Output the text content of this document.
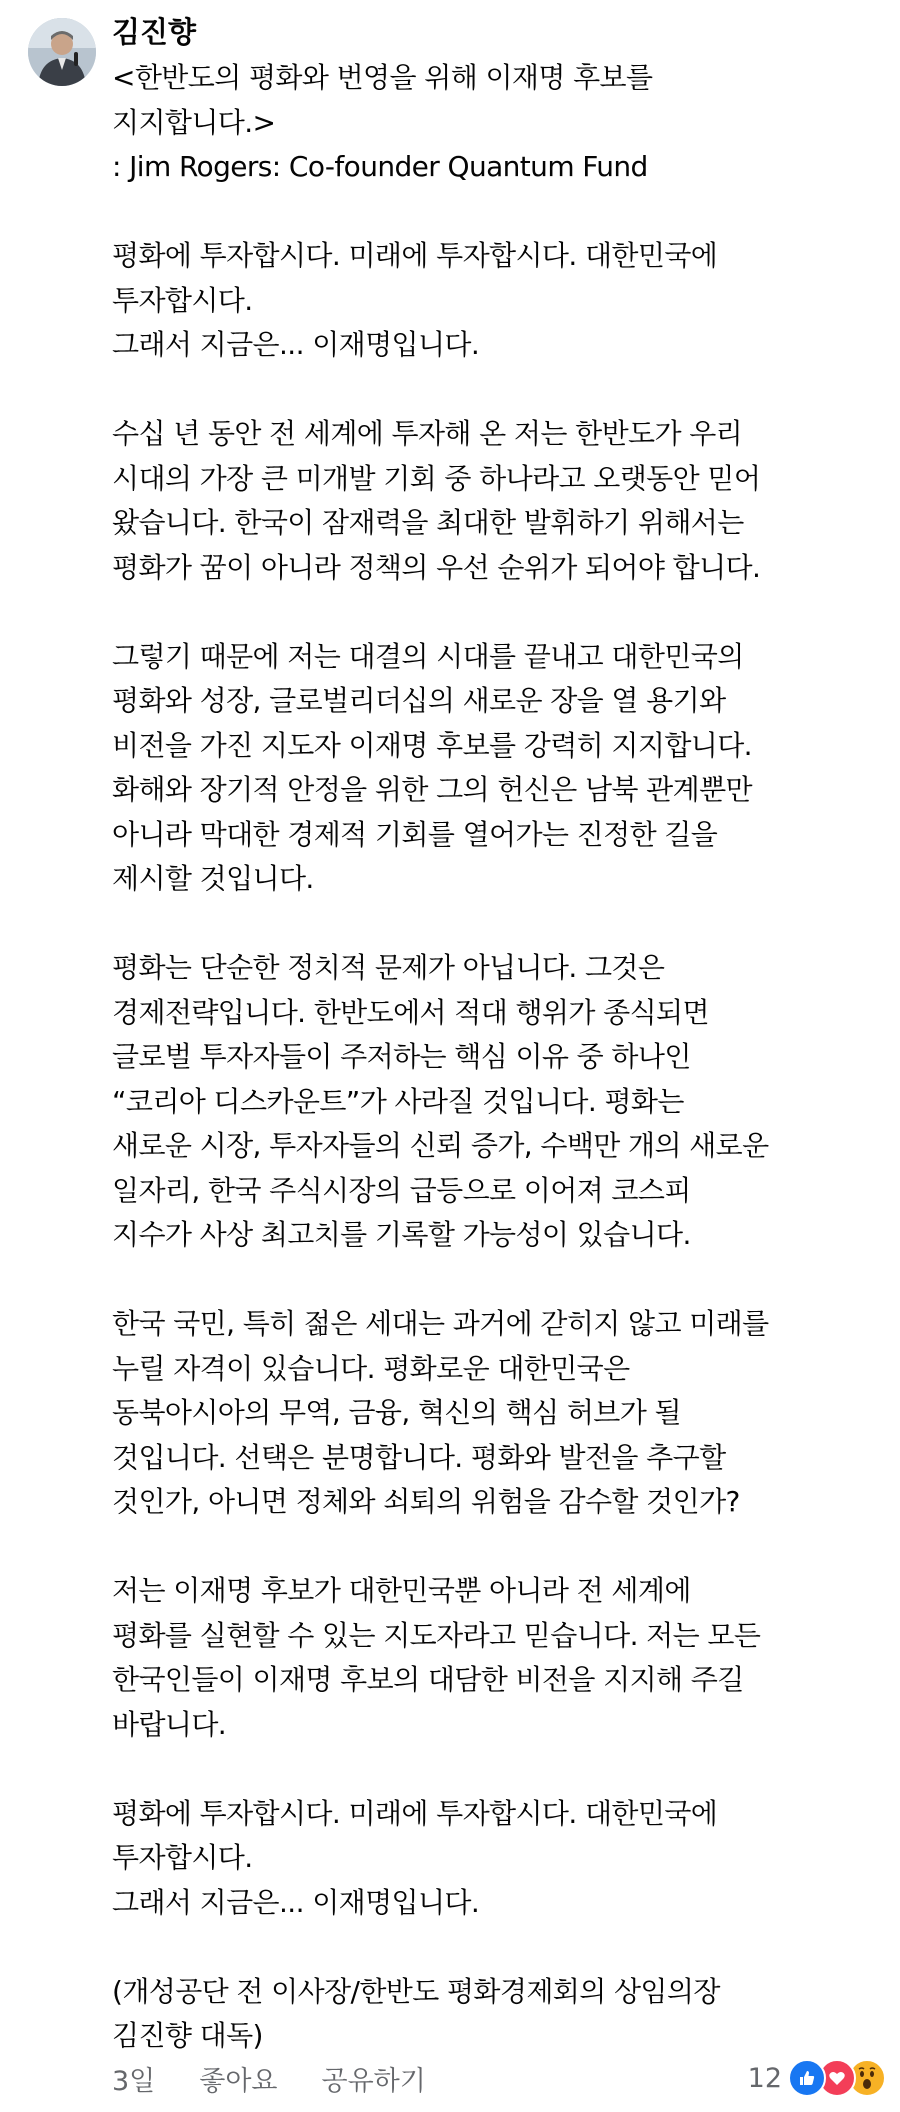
김진향
<한반도의 평화와 번영을 위해 이재명 후보를
지지합니다.>
: Jim Rogers: Co-founder Quantum Fund
평화에 투자합시다. 미래에 투자합시다. 대한민국에
투자합시다.
그래서 지금은... 이재명입니다.
수십 년 동안 전 세계에 투자해 온 저는 한반도가 우리
시대의 가장 큰 미개발 기회 중 하나라고 오랫동안 믿어
왔습니다. 한국이 잠재력을 최대한 발휘하기 위해서는
평화가 꿈이 아니라 정책의 우선 순위가 되어야 합니다.
그렇기 때문에 저는 대결의 시대를 끝내고 대한민국의
평화와 성장, 글로벌리더십의 새로운 장을 열 용기와
비전을 가진 지도자 이재명 후보를 강력히 지지합니다.
화해와 장기적 안정을 위한 그의 헌신은 남북 관계뿐만
아니라 막대한 경제적 기회를 열어가는 진정한 길을
제시할 것입니다.
평화는 단순한 정치적 문제가 아닙니다. 그것은
경제전략입니다. 한반도에서 적대 행위가 종식되면
글로벌 투자자들이 주저하는 핵심 이유 중 하나인
“코리아 디스카운트”가 사라질 것입니다. 평화는
새로운 시장, 투자자들의 신뢰 증가, 수백만 개의 새로운
일자리, 한국 주식시장의 급등으로 이어져 코스피
지수가 사상 최고치를 기록할 가능성이 있습니다.
한국 국민, 특히 젊은 세대는 과거에 갇히지 않고 미래를
누릴 자격이 있습니다. 평화로운 대한민국은
동북아시아의 무역, 금융, 혁신의 핵심 허브가 될
것입니다. 선택은 분명합니다. 평화와 발전을 추구할
것인가, 아니면 정체와 쇠퇴의 위험을 감수할 것인가?
저는 이재명 후보가 대한민국뿐 아니라 전 세계에
평화를 실현할 수 있는 지도자라고 믿습니다. 저는 모든
한국인들이 이재명 후보의 대담한 비전을 지지해 주길
바랍니다.
평화에 투자합시다. 미래에 투자합시다. 대한민국에
투자합시다.
그래서 지금은... 이재명입니다.
(개성공단 전 이사장/한반도 평화경제회의 상임의장
김진향 대독)
3일 좋아요 공유하기	12
